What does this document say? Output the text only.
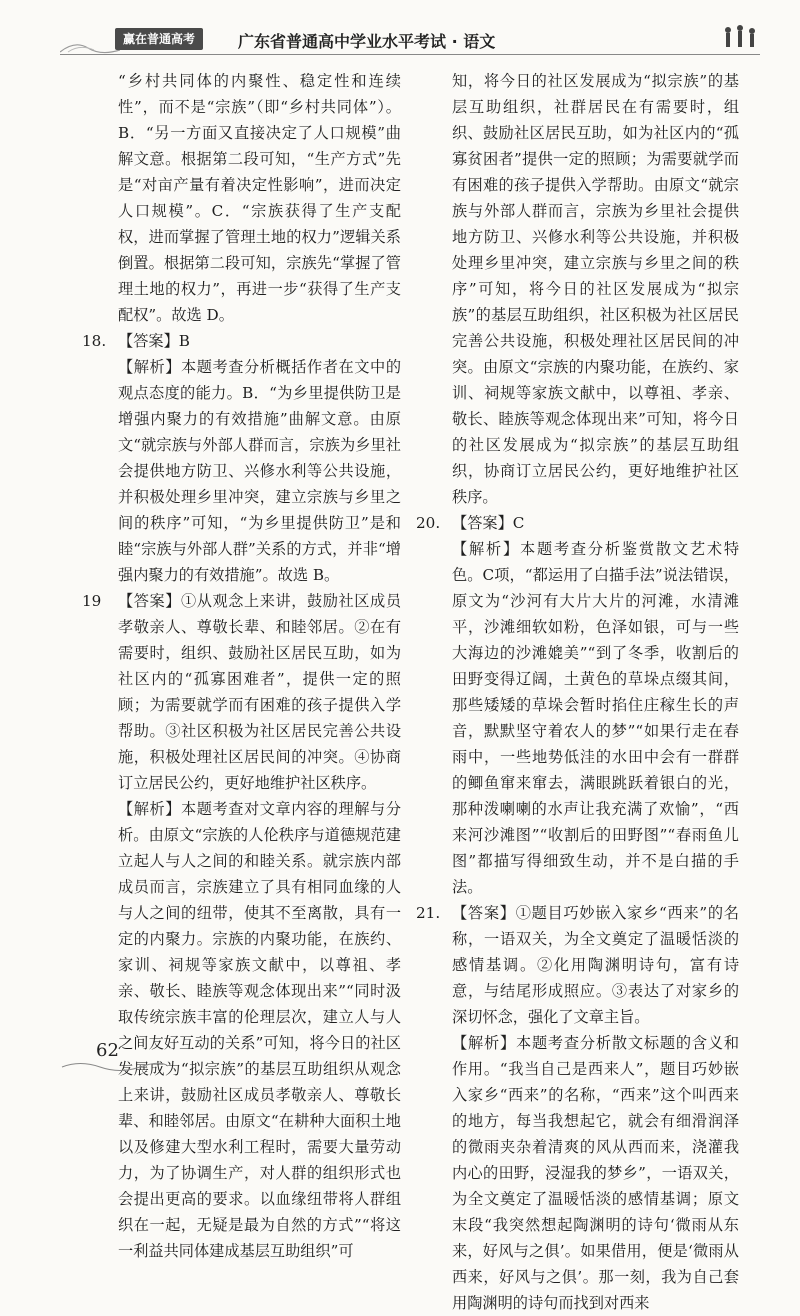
赢在普通高考	广东省普通高中学业水平考试 · 语文

“乡村共同体的内聚性、稳定性和连续性”，而不是“宗族”（即“乡村共同体”）。B．“另一方面又直接决定了人口规模”曲解文意。根据第二段可知，“生产方式”先是“对亩产量有着决定性影响”，进而决定人口规模”。C．“宗族获得了生产支配权，进而掌握了管理土地的权力”逻辑关系倒置。根据第二段可知，宗族先“掌握了管理土地的权力”，再进一步“获得了生产支配权”。故选 D。

18. 【答案】B

【解析】本题考查分析概括作者在文中的观点态度的能力。B．“为乡里提供防卫是增强内聚力的有效措施”曲解文意。由原文“就宗族与外部人群而言，宗族为乡里社会提供地方防卫、兴修水利等公共设施，并积极处理乡里冲突，建立宗族与乡里之间的秩序”可知，“为乡里提供防卫”是和睦“宗族与外部人群”关系的方式，并非“增强内聚力的有效措施”。故选 B。

19	【答案】①从观念上来讲，鼓励社区成员孝敬亲人、尊敬长辈、和睦邻居。②在有需要时，组织、鼓励社区居民互助，如为社区内的“孤寡困难者”，提供一定的照顾；为需要就学而有困难的孩子提供入学帮助。③社区积极为社区居民完善公共设施，积极处理社区居民间的冲突。④协商订立居民公约，更好地维护社区秩序。

【解析】本题考查对文章内容的理解与分析。由原文“宗族的人伦秩序与道德规范建立起人与人之间的和睦关系。就宗族内部成员而言，宗族建立了具有相同血缘的人与人之间的纽带，使其不至离散，具有一定的内聚力。宗族的内聚功能，在族约、家训、祠规等家族文献中，以尊祖、孝亲、敬长、睦族等观念体现出来”“同时汲取传统宗族丰富的伦理层次，建立人与人之间友好互动的关系”可知，将今日的社区发展成为“拟宗族”的基层互助组织从观念上来讲，鼓励社区成员孝敬亲人、尊敬长辈、和睦邻居。由原文“在耕种大面积土地以及修建大型水利工程时，需要大量劳动力，为了协调生产，对人群的组织形式也会提出更高的要求。以血缘纽带将人群组织在一起，无疑是最为自然的方式”“将这一利益共同体建成基层互助组织”可

知，将今日的社区发展成为“拟宗族”的基层互助组织，社群居民在有需要时，组织、鼓励社区居民互助，如为社区内的“孤寡贫困者”提供一定的照顾；为需要就学而有困难的孩子提供入学帮助。由原文“就宗族与外部人群而言，宗族为乡里社会提供地方防卫、兴修水利等公共设施，并积极处理乡里冲突，建立宗族与乡里之间的秩序”可知，将今日的社区发展成为“拟宗族”的基层互助组织，社区积极为社区居民完善公共设施，积极处理社区居民间的冲突。由原文“宗族的内聚功能，在族约、家训、祠规等家族文献中，以尊祖、孝亲、敬长、睦族等观念体现出来”可知，将今日的社区发展成为“拟宗族”的基层互助组织，协商订立居民公约，更好地维护社区秩序。

20. 【答案】C

【解析】本题考查分析鉴赏散文艺术特色。C项，“都运用了白描手法”说法错误，原文为“沙河有大片大片的河滩，水清滩平，沙滩细软如粉，色泽如银，可与一些大海边的沙滩媲美”“到了冬季，收割后的田野变得辽阔，土黄色的草垛点缀其间，那些矮矮的草垛会暂时掐住庄稼生长的声音，默默坚守着农人的梦”“如果行走在春雨中，一些地势低洼的水田中会有一群群的鲫鱼窜来窜去，满眼跳跃着银白的光，那种泼喇喇的水声让我充满了欢愉”，“西来河沙滩图”“收割后的田野图”“春雨鱼儿图”都描写得细致生动，并不是白描的手法。

21. 【答案】①题目巧妙嵌入家乡“西来”的名称，一语双关，为全文奠定了温暖恬淡的感情基调。②化用陶渊明诗句，富有诗意，与结尾形成照应。③表达了对家乡的深切怀念，强化了文章主旨。

【解析】本题考查分析散文标题的含义和作用。“我当自己是西来人”，题目巧妙嵌入家乡“西来”的名称，“西来”这个叫西来的地方，每当我想起它，就会有细滑润泽的微雨夹杂着清爽的风从西而来，浇灌我内心的田野，浸湿我的梦乡”，一语双关，为全文奠定了温暖恬淡的感情基调；原文末段“我突然想起陶渊明的诗句‘微雨从东来，好风与之俱’。如果借用，便是‘微雨从西来，好风与之俱’。那一刻，我为自己套用陶渊明的诗句而找到对西来

62
